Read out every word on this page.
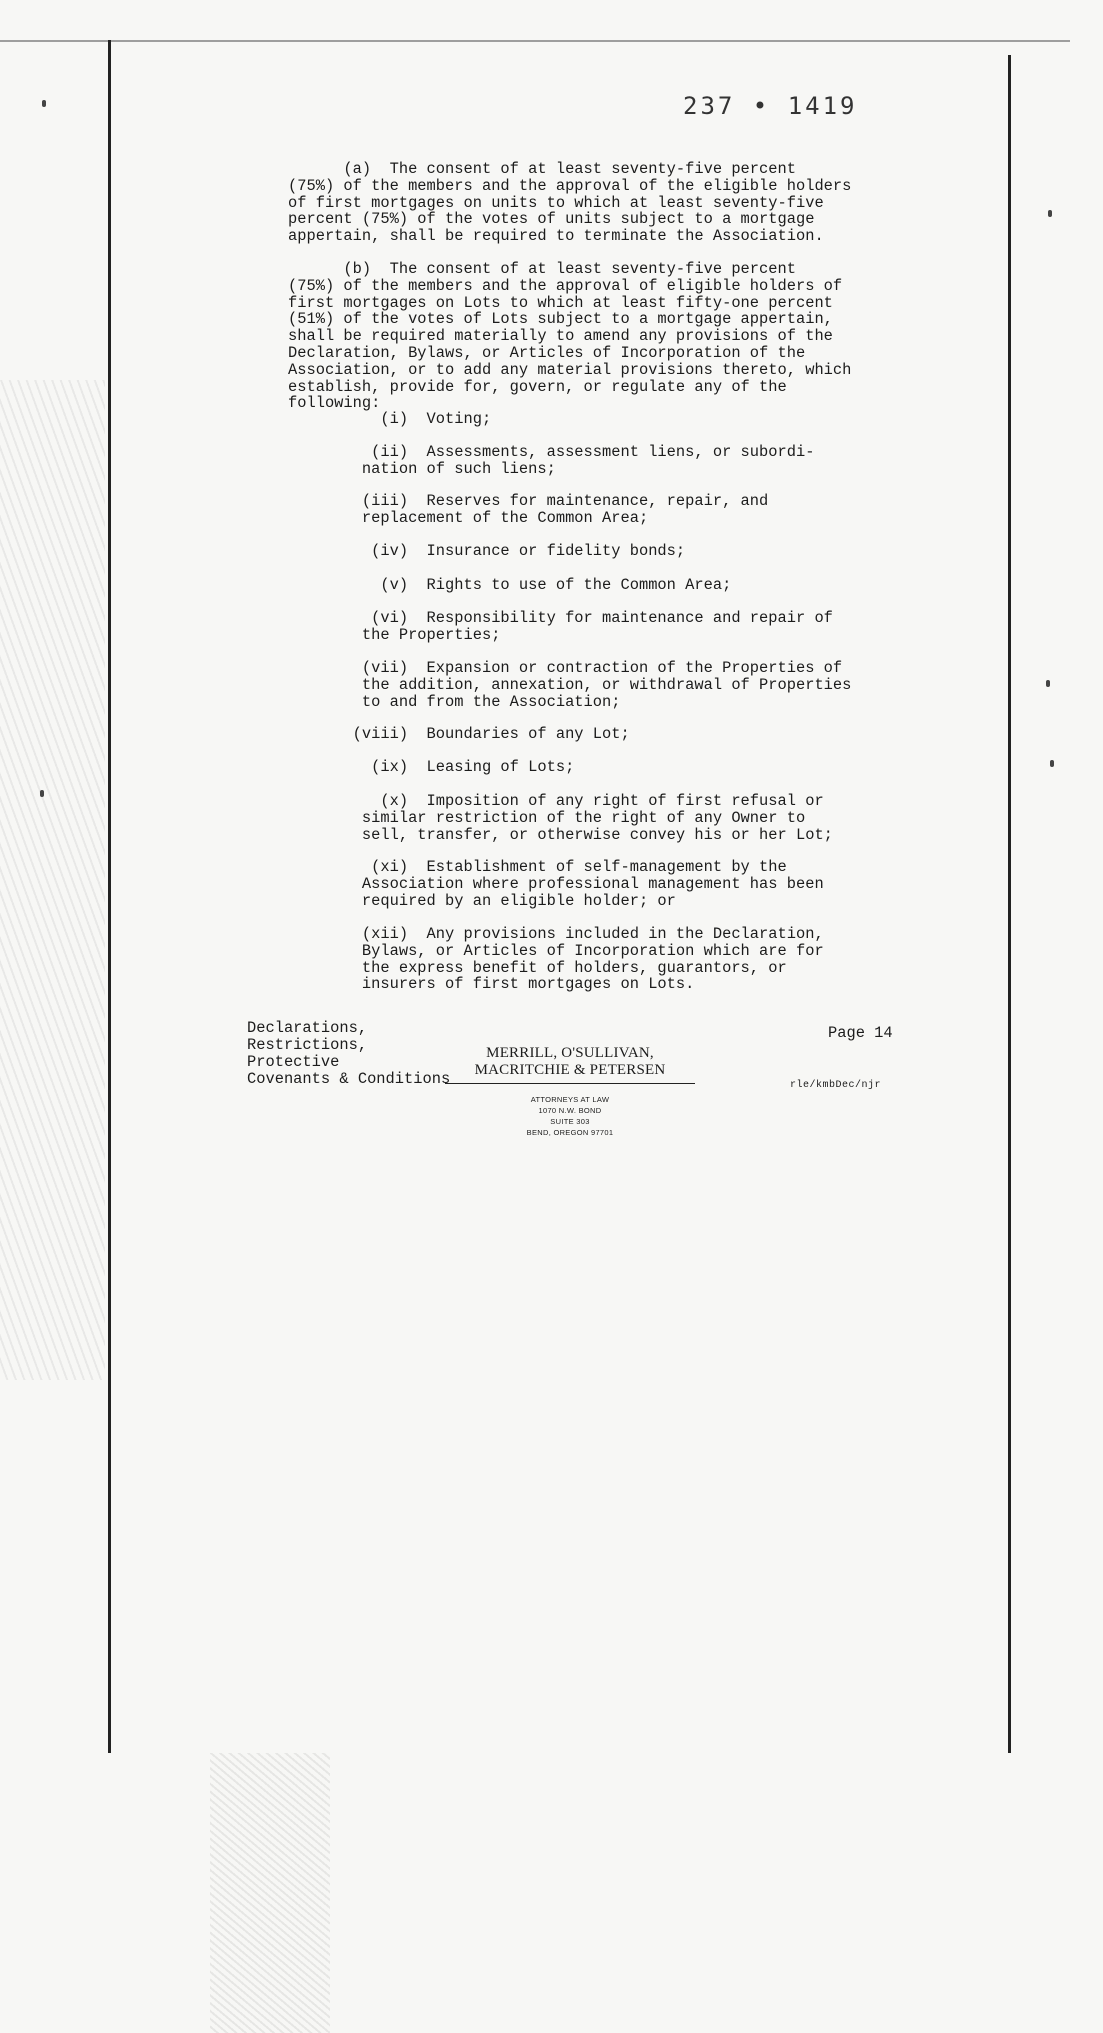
237 • 1419
(a)  The consent of at least seventy-five percent
(75%) of the members and the approval of the eligible holders
of first mortgages on units to which at least seventy-five
percent (75%) of the votes of units subject to a mortgage
appertain, shall be required to terminate the Association.
(b)  The consent of at least seventy-five percent
(75%) of the members and the approval of eligible holders of
first mortgages on Lots to which at least fifty-one percent
(51%) of the votes of Lots subject to a mortgage appertain,
shall be required materially to amend any provisions of the
Declaration, Bylaws, or Articles of Incorporation of the
Association, or to add any material provisions thereto, which
establish, provide for, govern, or regulate any of the
following:
(i)  Voting;
(ii)  Assessments, assessment liens, or subordi-
nation of such liens;
(iii)  Reserves for maintenance, repair, and
replacement of the Common Area;
(iv)  Insurance or fidelity bonds;
(v)  Rights to use of the Common Area;
(vi)  Responsibility for maintenance and repair of
the Properties;
(vii)  Expansion or contraction of the Properties of
the addition, annexation, or withdrawal of Properties
to and from the Association;
(viii)  Boundaries of any Lot;
(ix)  Leasing of Lots;
(x)  Imposition of any right of first refusal or
similar restriction of the right of any Owner to
sell, transfer, or otherwise convey his or her Lot;
(xi)  Establishment of self-management by the
Association where professional management has been
required by an eligible holder; or
(xii)  Any provisions included in the Declaration,
Bylaws, or Articles of Incorporation which are for
the express benefit of holders, guarantors, or
insurers of first mortgages on Lots.
Declarations,
Restrictions,
Protective
Covenants & Conditions
MERRILL, O'SULLIVAN, MACRITCHIE & PETERSEN
ATTORNEYS AT LAW
1070 N.W. BOND
SUITE 303
BEND, OREGON 97701
Page 14
rle/kmbDec/njr
